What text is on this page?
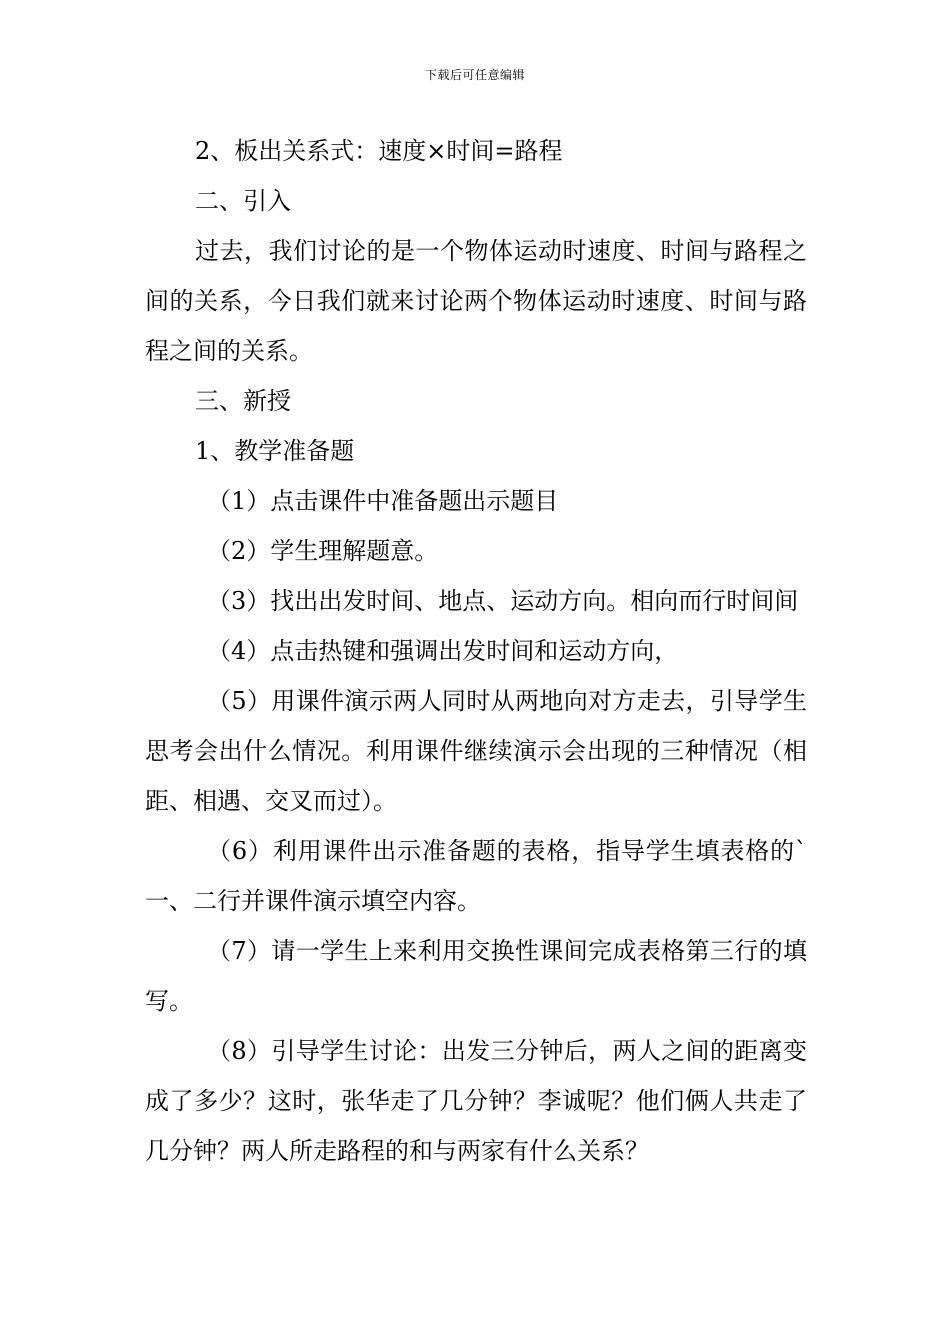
下载后可任意编辑

2、板出关系式：速度×时间=路程

二、引入

过去，我们讨论的是一个物体运动时速度、时间与路程之间的关系，今日我们就来讨论两个物体运动时速度、时间与路程之间的关系。

三、新授

1、教学准备题

（1）点击课件中准备题出示题目

（2）学生理解题意。

（3）找出出发时间、地点、运动方向。相向而行时间间

（4）点击热键和强调出发时间和运动方向，

（5）用课件演示两人同时从两地向对方走去，引导学生思考会出什么情况。利用课件继续演示会出现的三种情况（相距、相遇、交叉而过）。

（6）利用课件出示准备题的表格，指导学生填表格的`一、二行并课件演示填空内容。

（7）请一学生上来利用交换性课间完成表格第三行的填写。

（8）引导学生讨论：出发三分钟后，两人之间的距离变成了多少？这时，张华走了几分钟？李诚呢？他们俩人共走了几分钟？两人所走路程的和与两家有什么关系？
